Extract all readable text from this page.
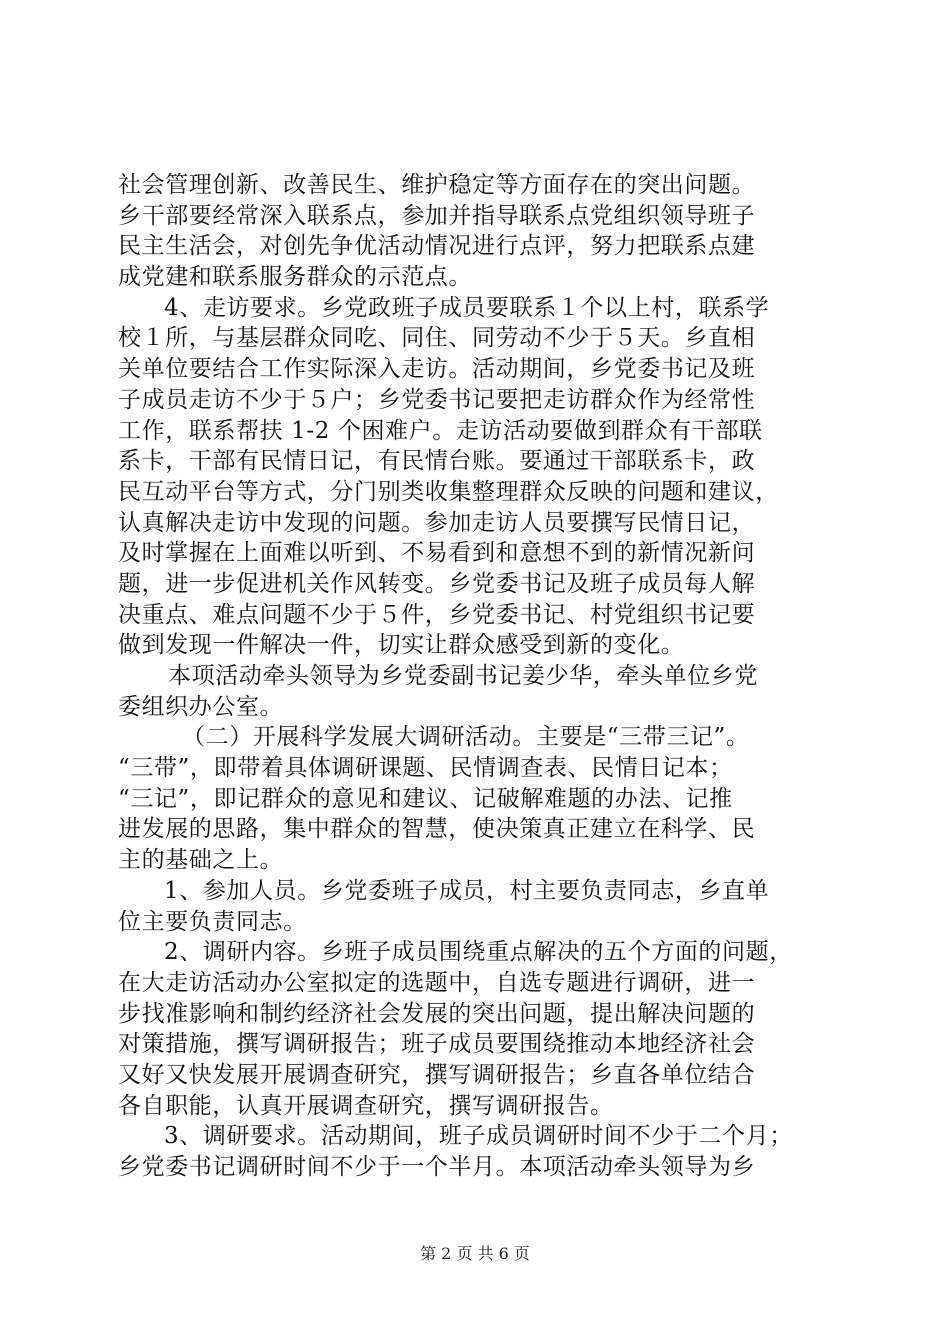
社会管理创新、改善民生、维护稳定等方面存在的突出问题。
乡干部要经常深入联系点，参加并指导联系点党组织领导班子
民主生活会，对创先争优活动情况进行点评，努力把联系点建
成党建和联系服务群众的示范点。
4、走访要求。乡党政班子成员要联系１个以上村，联系学
校１所，与基层群众同吃、同住、同劳动不少于５天。乡直相
关单位要结合工作实际深入走访。活动期间，乡党委书记及班
子成员走访不少于５户；乡党委书记要把走访群众作为经常性
工作，联系帮扶 1-2 个困难户。走访活动要做到群众有干部联
系卡，干部有民情日记，有民情台账。要通过干部联系卡，政
民互动平台等方式，分门别类收集整理群众反映的问题和建议，
认真解决走访中发现的问题。参加走访人员要撰写民情日记，
及时掌握在上面难以听到、不易看到和意想不到的新情况新问
题，进一步促进机关作风转变。乡党委书记及班子成员每人解
决重点、难点问题不少于５件，乡党委书记、村党组织书记要
做到发现一件解决一件，切实让群众感受到新的变化。
本项活动牵头领导为乡党委副书记姜少华，牵头单位乡党
委组织办公室。
（二）开展科学发展大调研活动。主要是“三带三记”。
“三带”，即带着具体调研课题、民情调查表、民情日记本；
“三记”，即记群众的意见和建议、记破解难题的办法、记推
进发展的思路，集中群众的智慧，使决策真正建立在科学、民
主的基础之上。
1、参加人员。乡党委班子成员，村主要负责同志，乡直单
位主要负责同志。
2、调研内容。乡班子成员围绕重点解决的五个方面的问题，
在大走访活动办公室拟定的选题中，自选专题进行调研，进一
步找准影响和制约经济社会发展的突出问题，提出解决问题的
对策措施，撰写调研报告；班子成员要围绕推动本地经济社会
又好又快发展开展调查研究，撰写调研报告；乡直各单位结合
各自职能，认真开展调查研究，撰写调研报告。
3、调研要求。活动期间，班子成员调研时间不少于二个月；
乡党委书记调研时间不少于一个半月。本项活动牵头领导为乡
第 2 页 共 6 页
